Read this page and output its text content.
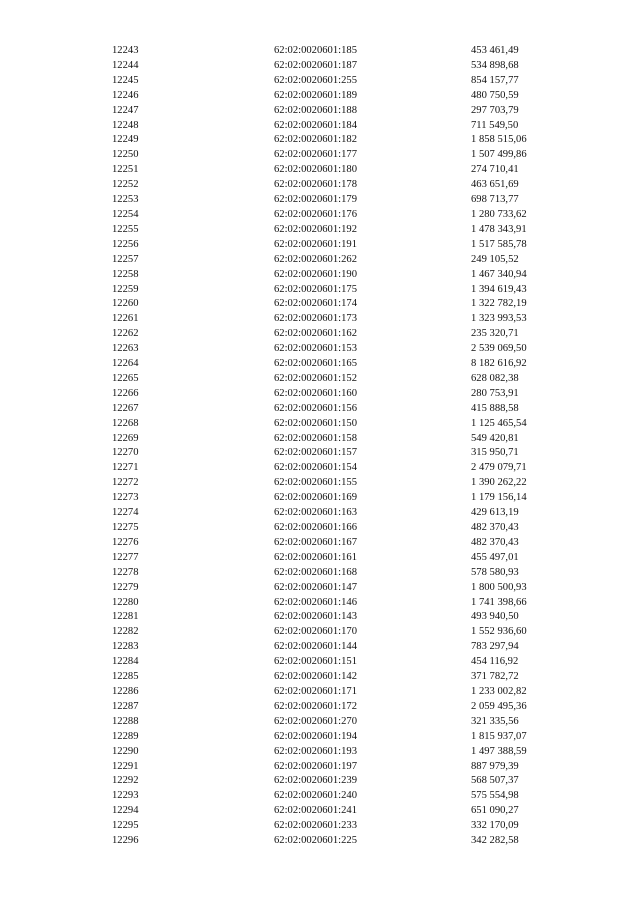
12243	62:02:0020601:185	453 461,49
12244	62:02:0020601:187	534 898,68
12245	62:02:0020601:255	854 157,77
12246	62:02:0020601:189	480 750,59
12247	62:02:0020601:188	297 703,79
12248	62:02:0020601:184	711 549,50
12249	62:02:0020601:182	1 858 515,06
12250	62:02:0020601:177	1 507 499,86
12251	62:02:0020601:180	274 710,41
12252	62:02:0020601:178	463 651,69
12253	62:02:0020601:179	698 713,77
12254	62:02:0020601:176	1 280 733,62
12255	62:02:0020601:192	1 478 343,91
12256	62:02:0020601:191	1 517 585,78
12257	62:02:0020601:262	249 105,52
12258	62:02:0020601:190	1 467 340,94
12259	62:02:0020601:175	1 394 619,43
12260	62:02:0020601:174	1 322 782,19
12261	62:02:0020601:173	1 323 993,53
12262	62:02:0020601:162	235 320,71
12263	62:02:0020601:153	2 539 069,50
12264	62:02:0020601:165	8 182 616,92
12265	62:02:0020601:152	628 082,38
12266	62:02:0020601:160	280 753,91
12267	62:02:0020601:156	415 888,58
12268	62:02:0020601:150	1 125 465,54
12269	62:02:0020601:158	549 420,81
12270	62:02:0020601:157	315 950,71
12271	62:02:0020601:154	2 479 079,71
12272	62:02:0020601:155	1 390 262,22
12273	62:02:0020601:169	1 179 156,14
12274	62:02:0020601:163	429 613,19
12275	62:02:0020601:166	482 370,43
12276	62:02:0020601:167	482 370,43
12277	62:02:0020601:161	455 497,01
12278	62:02:0020601:168	578 580,93
12279	62:02:0020601:147	1 800 500,93
12280	62:02:0020601:146	1 741 398,66
12281	62:02:0020601:143	493 940,50
12282	62:02:0020601:170	1 552 936,60
12283	62:02:0020601:144	783 297,94
12284	62:02:0020601:151	454 116,92
12285	62:02:0020601:142	371 782,72
12286	62:02:0020601:171	1 233 002,82
12287	62:02:0020601:172	2 059 495,36
12288	62:02:0020601:270	321 335,56
12289	62:02:0020601:194	1 815 937,07
12290	62:02:0020601:193	1 497 388,59
12291	62:02:0020601:197	887 979,39
12292	62:02:0020601:239	568 507,37
12293	62:02:0020601:240	575 554,98
12294	62:02:0020601:241	651 090,27
12295	62:02:0020601:233	332 170,09
12296	62:02:0020601:225	342 282,58
